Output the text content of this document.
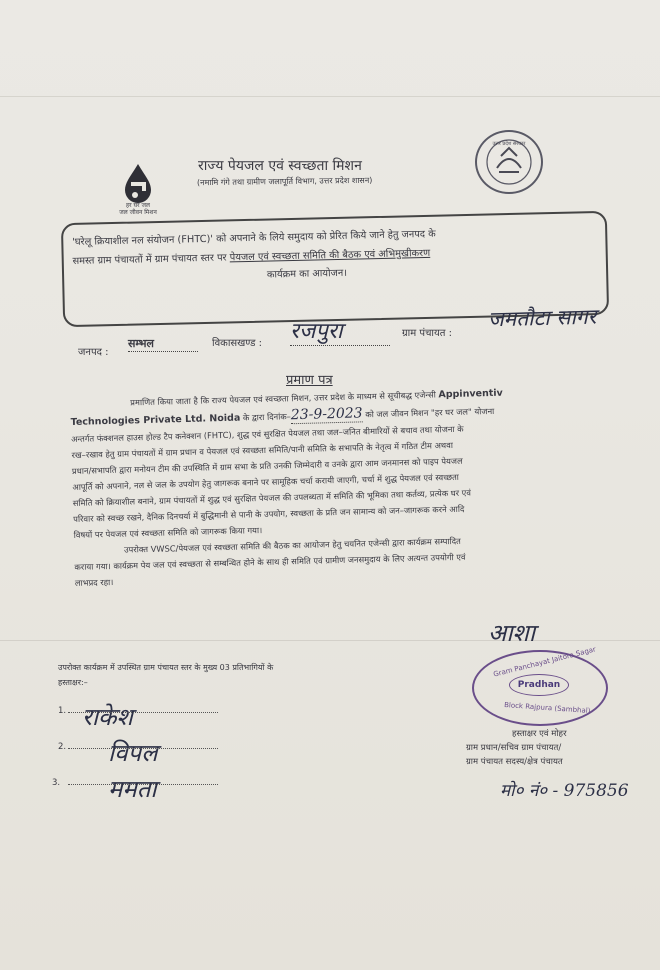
हर घर जल
जल जीवन मिशन
राज्य पेयजल एवं स्वच्छता मिशन
(नमामि गंगे तथा ग्रामीण जलापूर्ति विभाग, उत्तर प्रदेश शासन)
उत्तर प्रदेश सरकार
'घरेलू क्रियाशील नल संयोजन (FHTC)' को अपनाने के लिये समुदाय को प्रेरित किये जाने हेतु जनपद के
समस्त ग्राम पंचायतों में ग्राम पंचायत स्तर पर पेयजल एवं स्वच्छता समिति की बैठक एवं अभिमुखीकरण
कार्यक्रम का आयोजन।
जनपद :
सम्भल	विकासखण्ड : रजपुरा	ग्राम पंचायत :
जमतौटा सागर
प्रमाण पत्र
प्रमाणित किया जाता है कि राज्य पेयजल एवं स्वच्छता मिशन, उत्तर प्रदेश के माध्यम से सूचीबद्ध एजेन्सी Appinventiv
Technologies Private Ltd. Noida के द्वारा दिनांक–23-9-2023 को जल जीवन मिशन "हर घर जल" योजना
अन्तर्गत फंक्शनल हाउस होल्ड टैप कनेक्शन (FHTC), शुद्ध एवं सुरक्षित पेयजल तथा जल–जनित बीमारियों से बचाव तथा योजना के
रख–रखाव हेतु ग्राम पंचायतों में ग्राम प्रधान व पेयजल एवं स्वच्छता समिति/पानी समिति के सभापति के नेतृत्व में गठित टीम अथवा
प्रधान/सभापति द्वारा मनोयन टीम की उपस्थिति में ग्राम सभा के प्रति उनकी जिम्मेदारी व उनके द्वारा आम जनमानस को पाइप पेयजल
आपूर्ति को अपनाने, नल से जल के उपयोग हेतु जागरूक बनाने पर सामूहिक चर्चा करायी जाएगी, चर्चा में शुद्ध पेयजल एवं स्वच्छता
समिति को क्रियाशील बनाने, ग्राम पंचायतों में शुद्ध एवं सुरक्षित पेयजल की उपलब्धता में समिति की भूमिका तथा कर्तव्य, प्रत्येक घर एवं
परिवार को स्वच्छ रखने, दैनिक दिनचर्या में बुद्धिमानी से पानी के उपयोग, स्वच्छता के प्रति जन सामान्य को जन–जागरूक करने आदि
विषयों पर पेयजल एवं स्वच्छता समिति को जागरूक किया गया।
उपरोक्त VWSC/पेयजल एवं स्वच्छता समिति की बैठक का आयोजन हेतु चयनित एजेन्सी द्वारा कार्यक्रम सम्पादित
कराया गया। कार्यक्रम पेय जल एवं स्वच्छता से सम्बन्धित होने के साथ ही समिति एवं ग्रामीण जनसमुदाय के लिए अत्यन्त उपयोगी एवं
लाभप्रद रहा।
उपरोक्त कार्यक्रम में उपस्थित ग्राम पंचायत स्तर के मुख्य 03 प्रतिभागियों के
हस्ताक्षर:–
1. राकेश
2. विपल
3. ममता
आशा
Gram Panchayat Jaitora Sagar
Pradhan
Block Rajpura (Sambhal)
हस्ताक्षर एवं मोहर
ग्राम प्रधान/सचिव ग्राम पंचायत/
ग्राम पंचायत सदस्य/क्षेत्र पंचायत
मो० नं० - 975856
